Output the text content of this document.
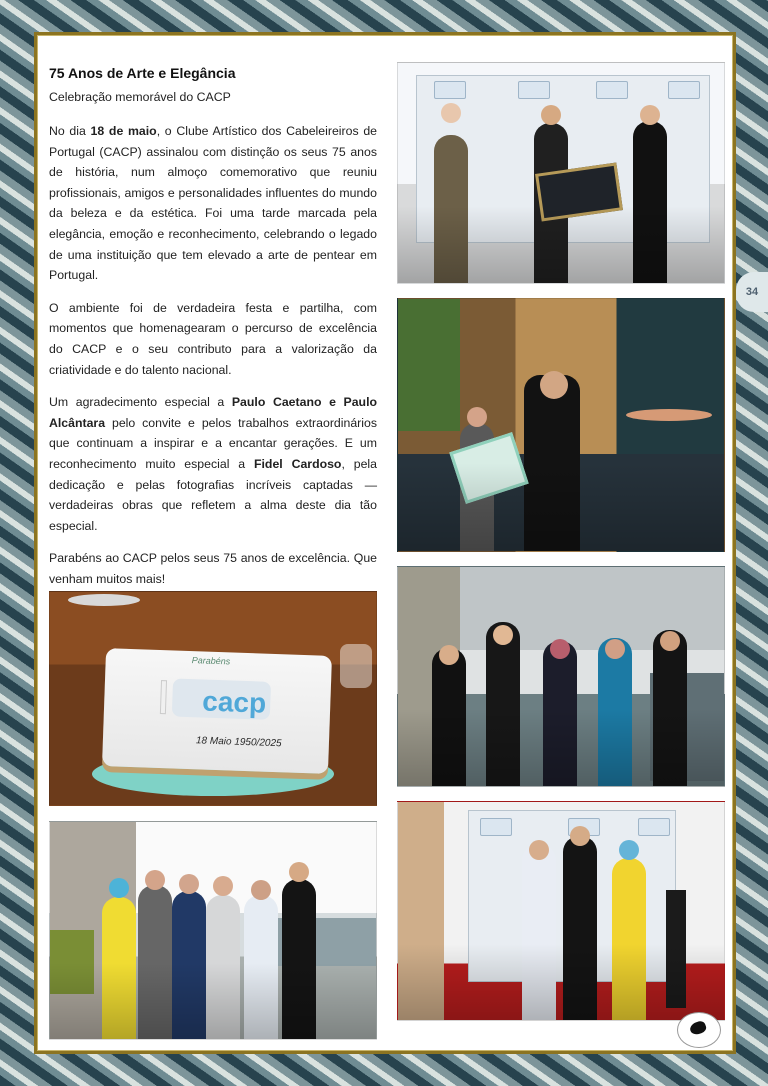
75 Anos de Arte e Elegância
Celebração memorável do CACP

No dia 18 de maio, o Clube Artístico dos Cabeleireiros de Portugal (CACP) assinalou com distinção os seus 75 anos de história, num almoço comemorativo que reuniu profissionais, amigos e personalidades influentes do mundo da beleza e da estética. Foi uma tarde marcada pela elegância, emoção e reconhecimento, celebrando o legado de uma instituição que tem elevado a arte de pentear em Portugal.

O ambiente foi de verdadeira festa e partilha, com momentos que homenagearam o percurso de excelência do CACP e o seu contributo para a valorização da criatividade e do talento nacional.

Um agradecimento especial a Paulo Caetano e Paulo Alcântara pelo convite e pelos trabalhos extraordinários que continuam a inspirar e a encantar gerações. E um reconhecimento muito especial a Fidel Cardoso, pela dedicação e pelas fotografias incríveis captadas — verdadeiras obras que refletem a alma deste dia tão especial.

Parabéns ao CACP pelos seus 75 anos de excelência. Que venham muitos mais!

Parabéns
cacp
18 Maio 1950/2025
34
